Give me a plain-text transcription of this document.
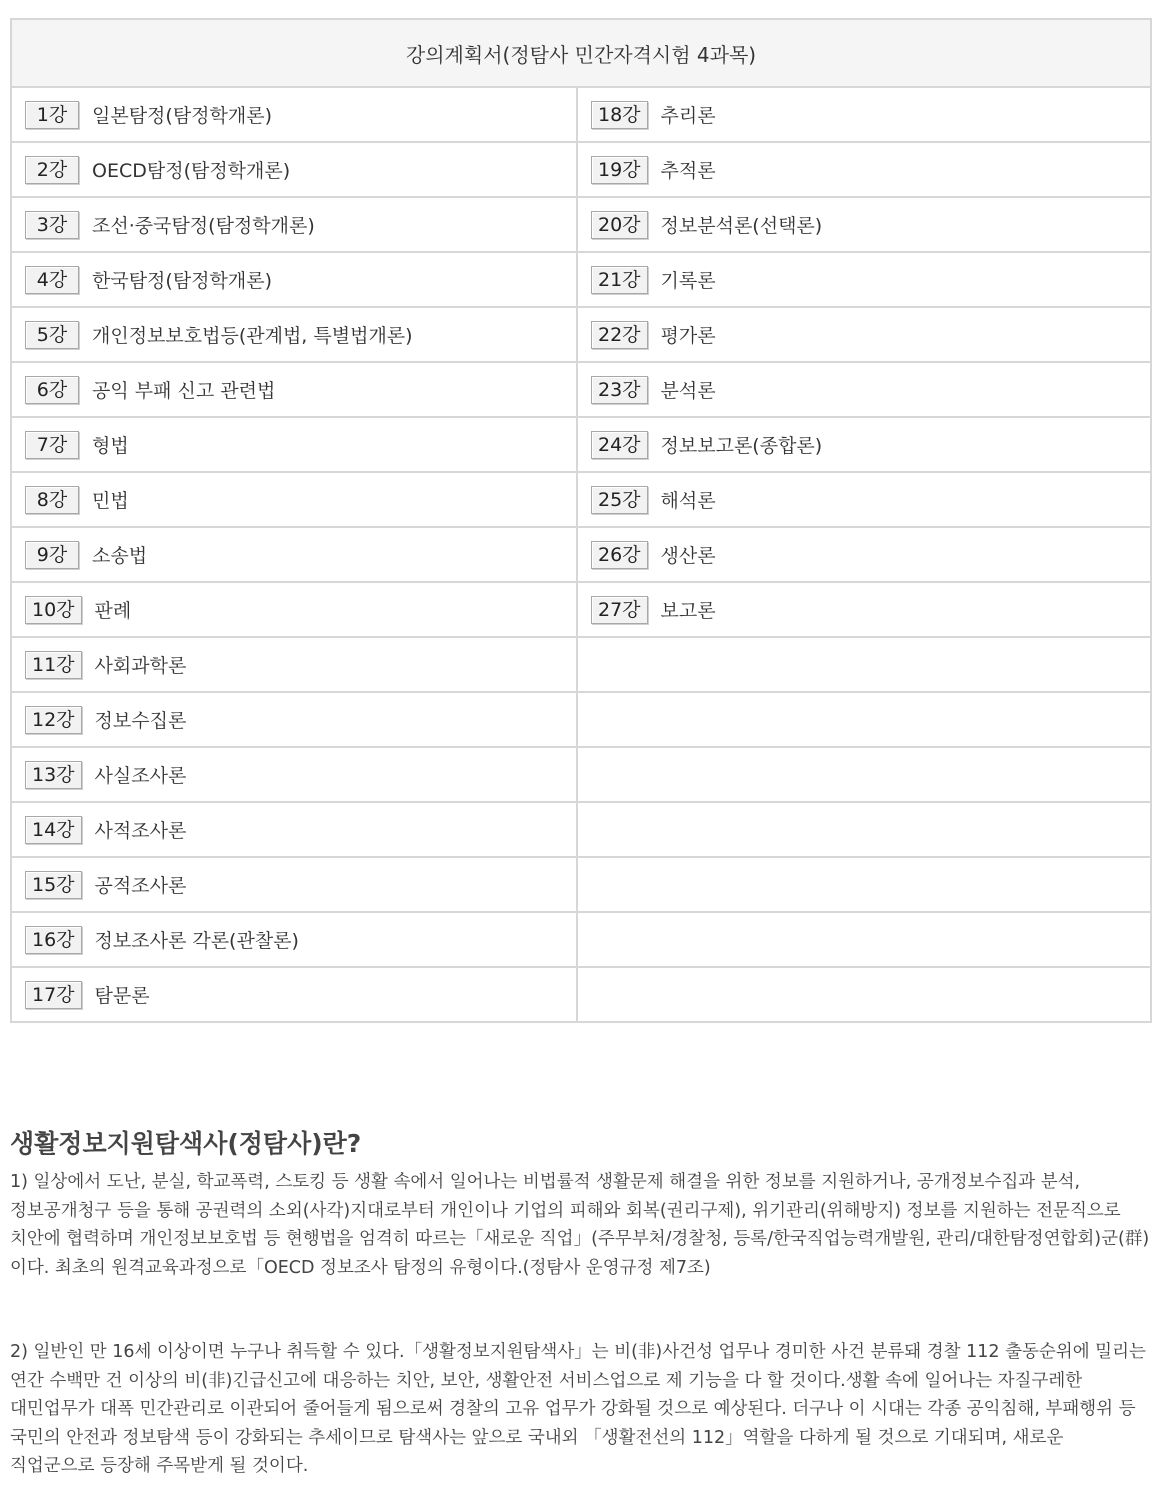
강의계획서(정탐사 민간자격시험 4과목)	

1강 일본탐정(탐정학개론)	18강 추리론

2강 OECD탐정(탐정학개론)	19강 추적론

3강 조선·중국탐정(탐정학개론)	20강 정보분석론(선택론)

4강 한국탐정(탐정학개론)	21강 기록론

5강 개인정보보호법등(관계법, 특별법개론)	22강 평가론

6강 공익 부패 신고 관련법	23강 분석론

7강 형법	24강 정보보고론(종합론)

8강 민법	25강 해석론

9강 소송법	26강 생산론

10강 판례	27강 보고론

11강 사회과학론	

12강 정보수집론	

13강 사실조사론	

14강 사적조사론	

15강 공적조사론	

16강 정보조사론 각론(관찰론)	

17강 탐문론	

생활정보지원탐색사(정탐사)란?

1) 일상에서 도난, 분실, 학교폭력, 스토킹 등 생활 속에서 일어나는 비법률적 생활문제 해결을 위한 정보를 지원하거나, 공개정보수집과 분석, 정보공개청구 등을 통해 공권력의 소외(사각)지대로부터 개인이나 기업의 피해와 회복(권리구제), 위기관리(위해방지) 정보를 지원하는 전문직으로 치안에 협력하며 개인정보보호법 등 현행법을 엄격히 따르는「새로운 직업」(주무부처/경찰청, 등록/한국직업능력개발원, 관리/대한탐정연합회)군(群)이다. 최초의 원격교육과정으로「OECD 정보조사 탐정의 유형이다.(정탐사 운영규정 제7조)

2) 일반인 만 16세 이상이면 누구나 취득할 수 있다.「생활정보지원탐색사」는 비(非)사건성 업무나 경미한 사건 분류돼 경찰 112 출동순위에 밀리는 연간 수백만 건 이상의 비(非)긴급신고에 대응하는 치안, 보안, 생활안전 서비스업으로 제 기능을 다 할 것이다.생활 속에 일어나는 자질구레한 대민업무가 대폭 민간관리로 이관되어 줄어들게 됨으로써 경찰의 고유 업무가 강화될 것으로 예상된다. 더구나 이 시대는 각종 공익침해, 부패행위 등 국민의 안전과 정보탐색 등이 강화되는 추세이므로 탐색사는 앞으로 국내외 「생활전선의 112」역할을 다하게 될 것으로 기대되며, 새로운 직업군으로 등장해 주목받게 될 것이다.
